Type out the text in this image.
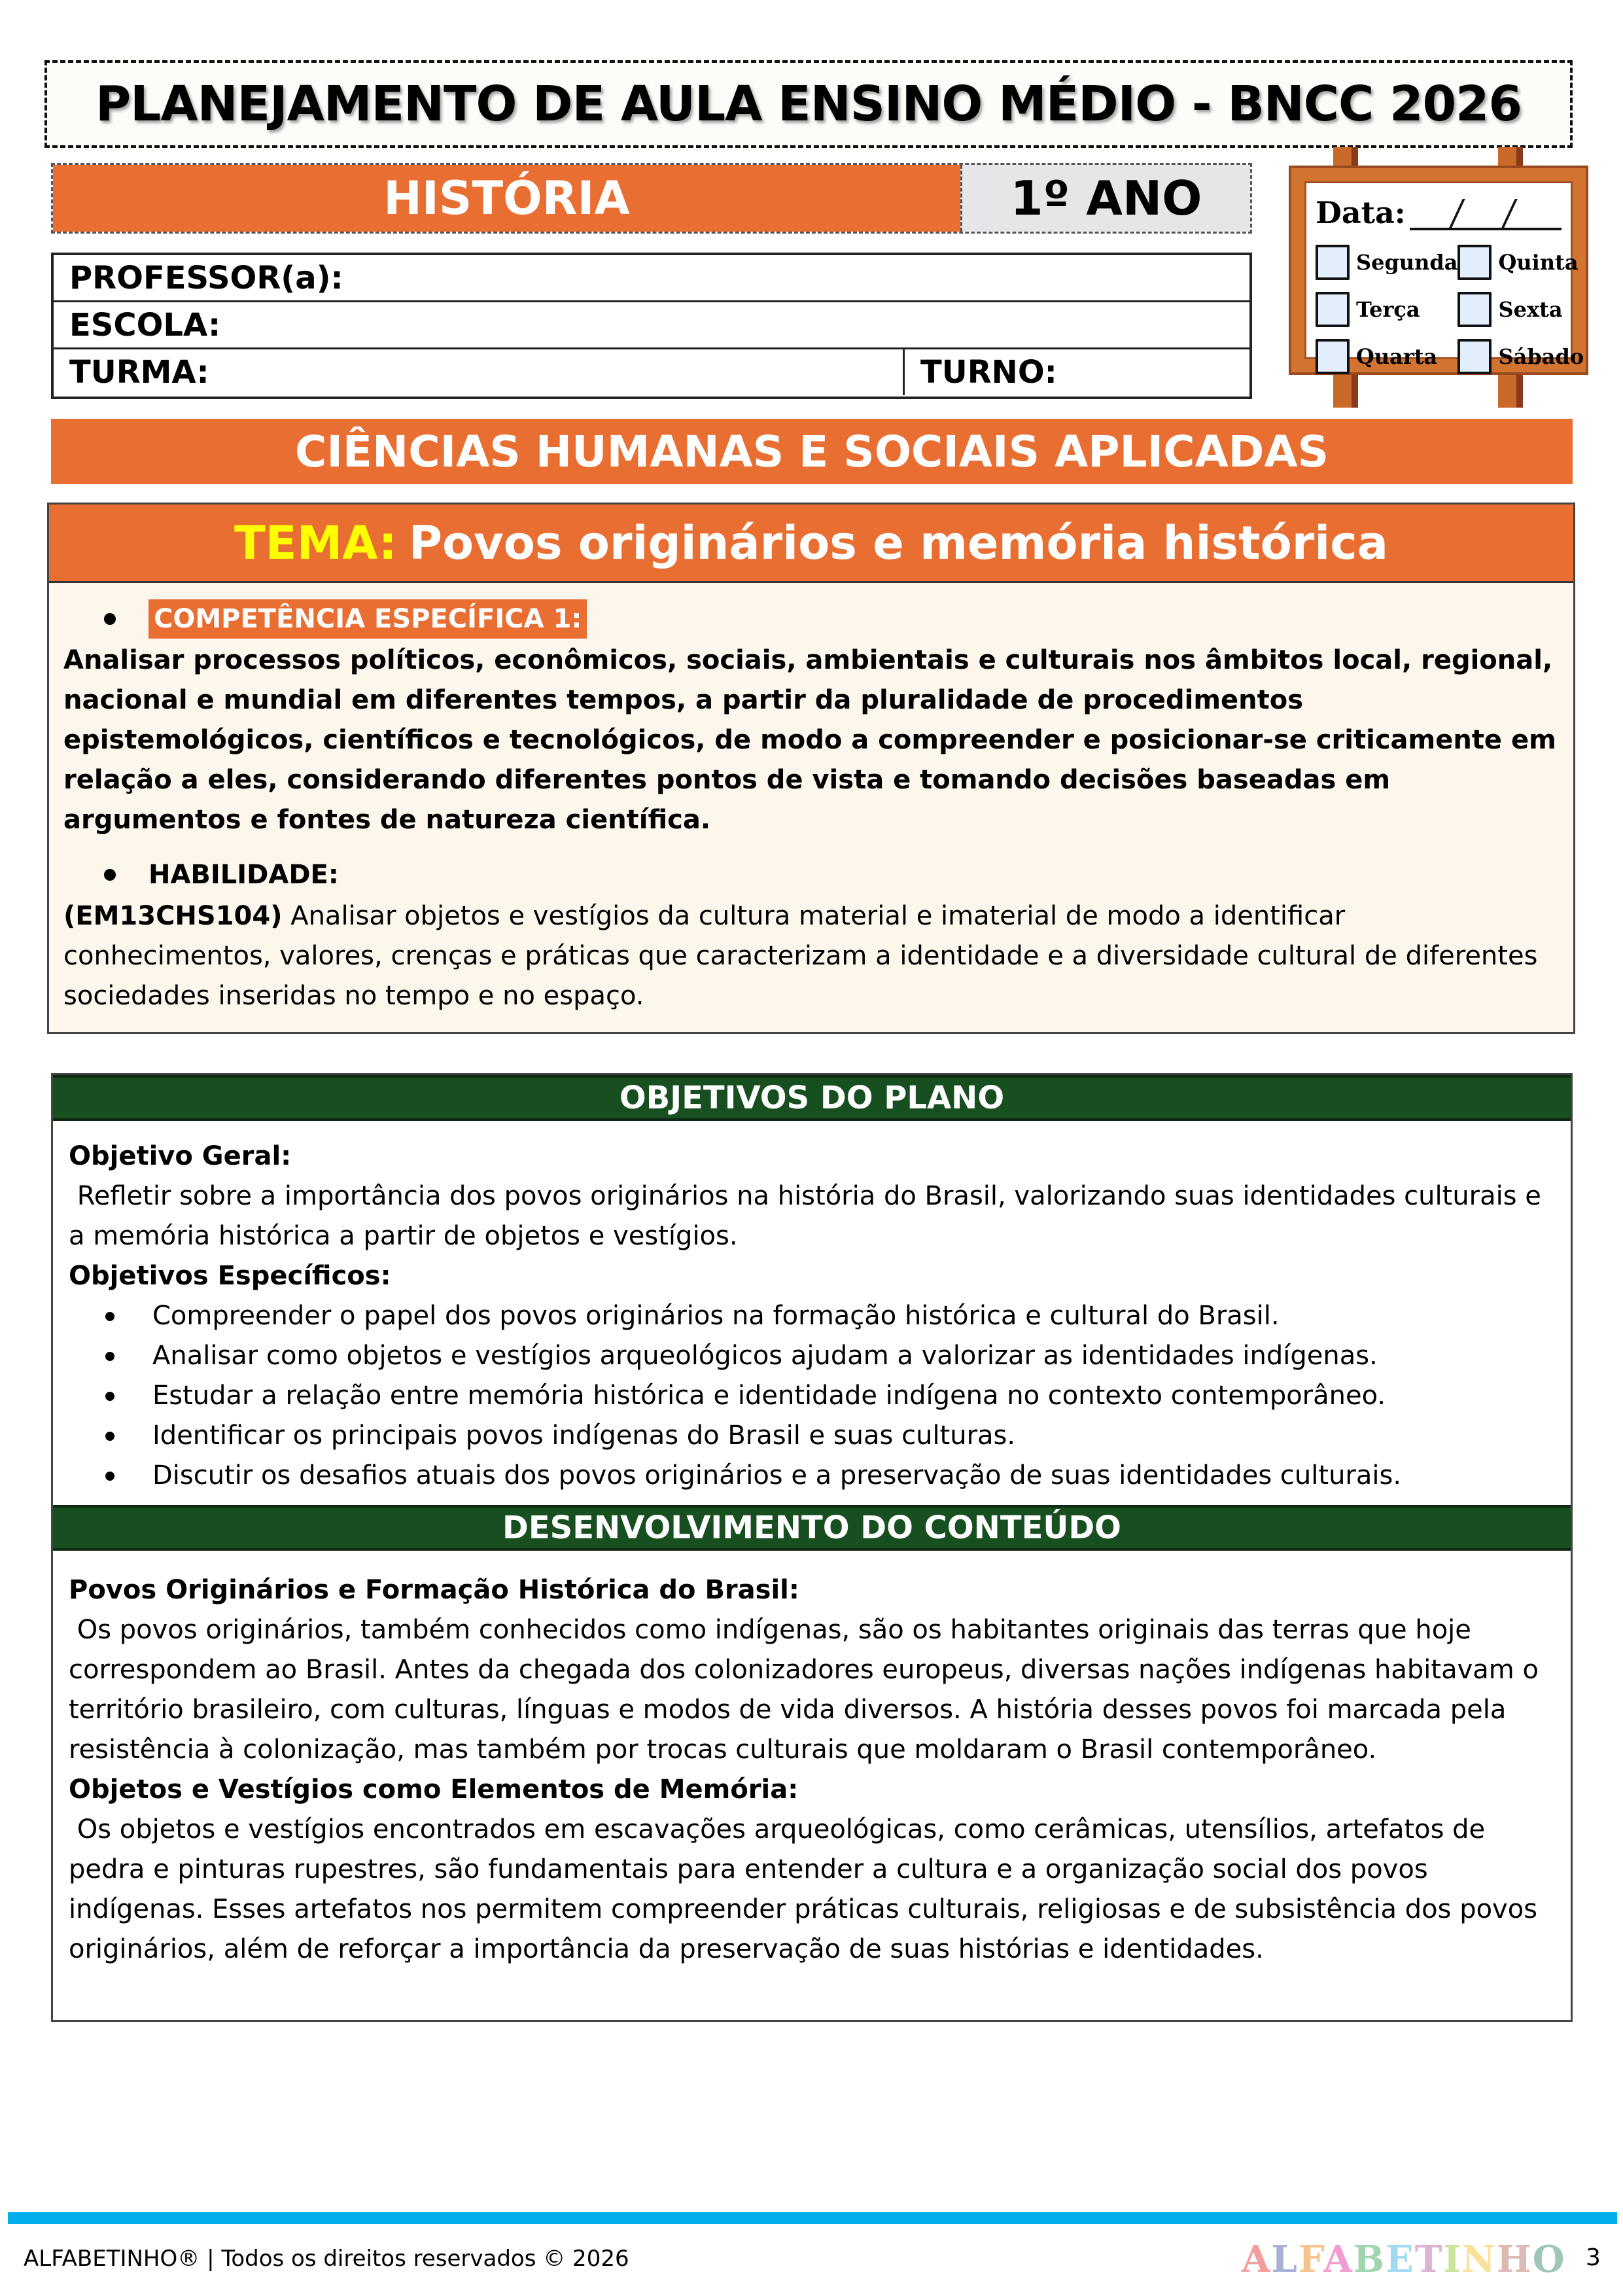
PLANEJAMENTO DE AULA ENSINO MÉDIO - BNCC 2026
HISTÓRIA	1º ANO
PROFESSOR(a):
ESCOLA:
TURMA:	TURNO:
Data:
Segunda Quinta
Terça	Sexta
Quarta	Sábado
CIÊNCIAS HUMANAS E SOCIAIS APLICADAS
TEMA: Povos originários e memória histórica
COMPETÊNCIA ESPECÍFICA 1:

Analisar processos políticos, econômicos, sociais, ambientais e culturais nos âmbitos local, regional, nacional e mundial em diferentes tempos, a partir da pluralidade de procedimentos epistemológicos, científicos e tecnológicos, de modo a compreender e posicionar-se criticamente em relação a eles, considerando diferentes pontos de vista e tomando decisões baseadas em argumentos e fontes de natureza científica.

HABILIDADE:

(EM13CHS104) Analisar objetos e vestígios da cultura material e imaterial de modo a identificar conhecimentos, valores, crenças e práticas que caracterizam a identidade e a diversidade cultural de diferentes sociedades inseridas no tempo e no espaço.

OBJETIVOS DO PLANO
Objetivo Geral:

Refletir sobre a importância dos povos originários na história do Brasil, valorizando suas identidades culturais e a memória histórica a partir de objetos e vestígios.

Objetivos Específicos:
Compreender o papel dos povos originários na formação histórica e cultural do Brasil.
Analisar como objetos e vestígios arqueológicos ajudam a valorizar as identidades indígenas.
Estudar a relação entre memória histórica e identidade indígena no contexto contemporâneo.
Identificar os principais povos indígenas do Brasil e suas culturas.
Discutir os desafios atuais dos povos originários e a preservação de suas identidades culturais.
DESENVOLVIMENTO DO CONTEÚDO
Povos Originários e Formação Histórica do Brasil:

Os povos originários, também conhecidos como indígenas, são os habitantes originais das terras que hoje correspondem ao Brasil. Antes da chegada dos colonizadores europeus, diversas nações indígenas habitavam o território brasileiro, com culturas, línguas e modos de vida diversos. A história desses povos foi marcada pela resistência à colonização, mas também por trocas culturais que moldaram o Brasil contemporâneo.

Objetos e Vestígios como Elementos de Memória:

Os objetos e vestígios encontrados em escavações arqueológicas, como cerâmicas, utensílios, artefatos de pedra e pinturas rupestres, são fundamentais para entender a cultura e a organização social dos povos indígenas. Esses artefatos nos permitem compreender práticas culturais, religiosas e de subsistência dos povos originários, além de reforçar a importância da preservação de suas histórias e identidades.

ALFABETINHO® | Todos os direitos reservados © 2026	ALFABETINHO 3
